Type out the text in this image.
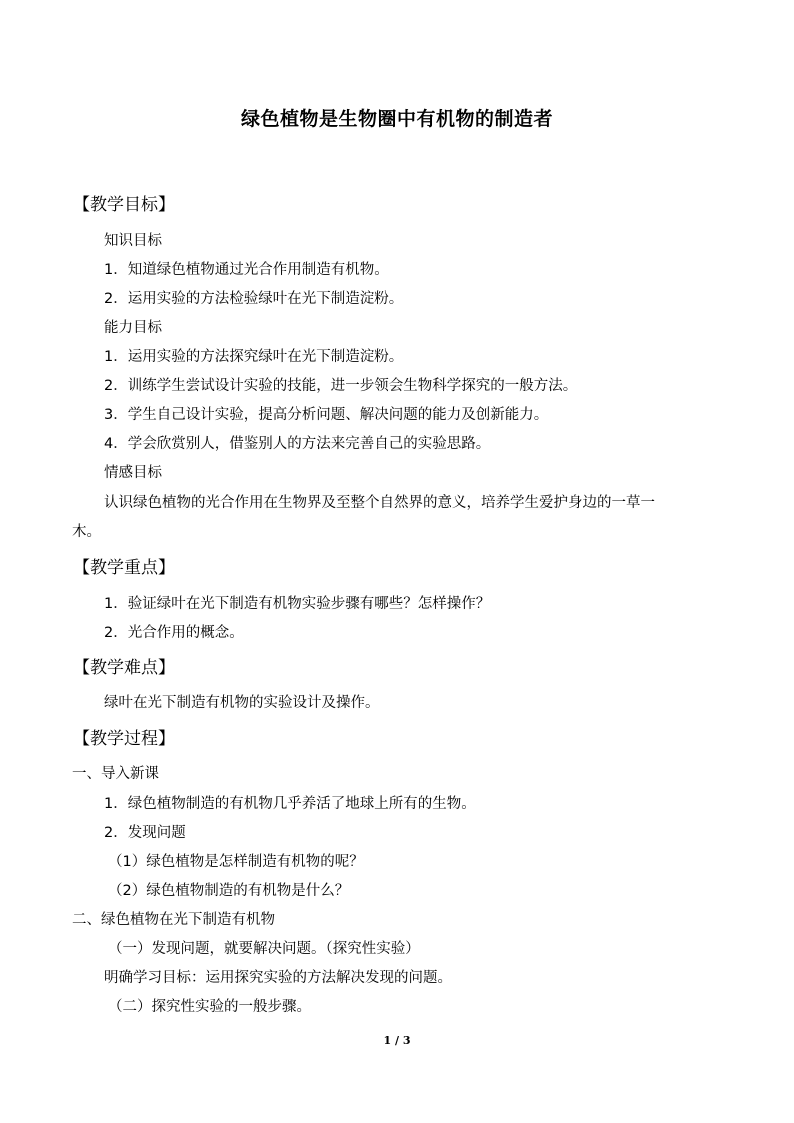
绿色植物是生物圈中有机物的制造者
【教学目标】
知识目标
1．知道绿色植物通过光合作用制造有机物。
2．运用实验的方法检验绿叶在光下制造淀粉。
能力目标
1．运用实验的方法探究绿叶在光下制造淀粉。
2．训练学生尝试设计实验的技能，进一步领会生物科学探究的一般方法。
3．学生自己设计实验，提高分析问题、解决问题的能力及创新能力。
4．学会欣赏别人，借鉴别人的方法来完善自己的实验思路。
情感目标
认识绿色植物的光合作用在生物界及至整个自然界的意义，培养学生爱护身边的一草一
木。
【教学重点】
1．验证绿叶在光下制造有机物实验步骤有哪些？怎样操作？
2．光合作用的概念。
【教学难点】
绿叶在光下制造有机物的实验设计及操作。
【教学过程】
一、导入新课
1．绿色植物制造的有机物几乎养活了地球上所有的生物。
2．发现问题
（1）绿色植物是怎样制造有机物的呢？
（2）绿色植物制造的有机物是什么？
二、绿色植物在光下制造有机物
（一）发现问题，就要解决问题。（探究性实验）
明确学习目标：运用探究实验的方法解决发现的问题。
（二）探究性实验的一般步骤。
1 / 3
